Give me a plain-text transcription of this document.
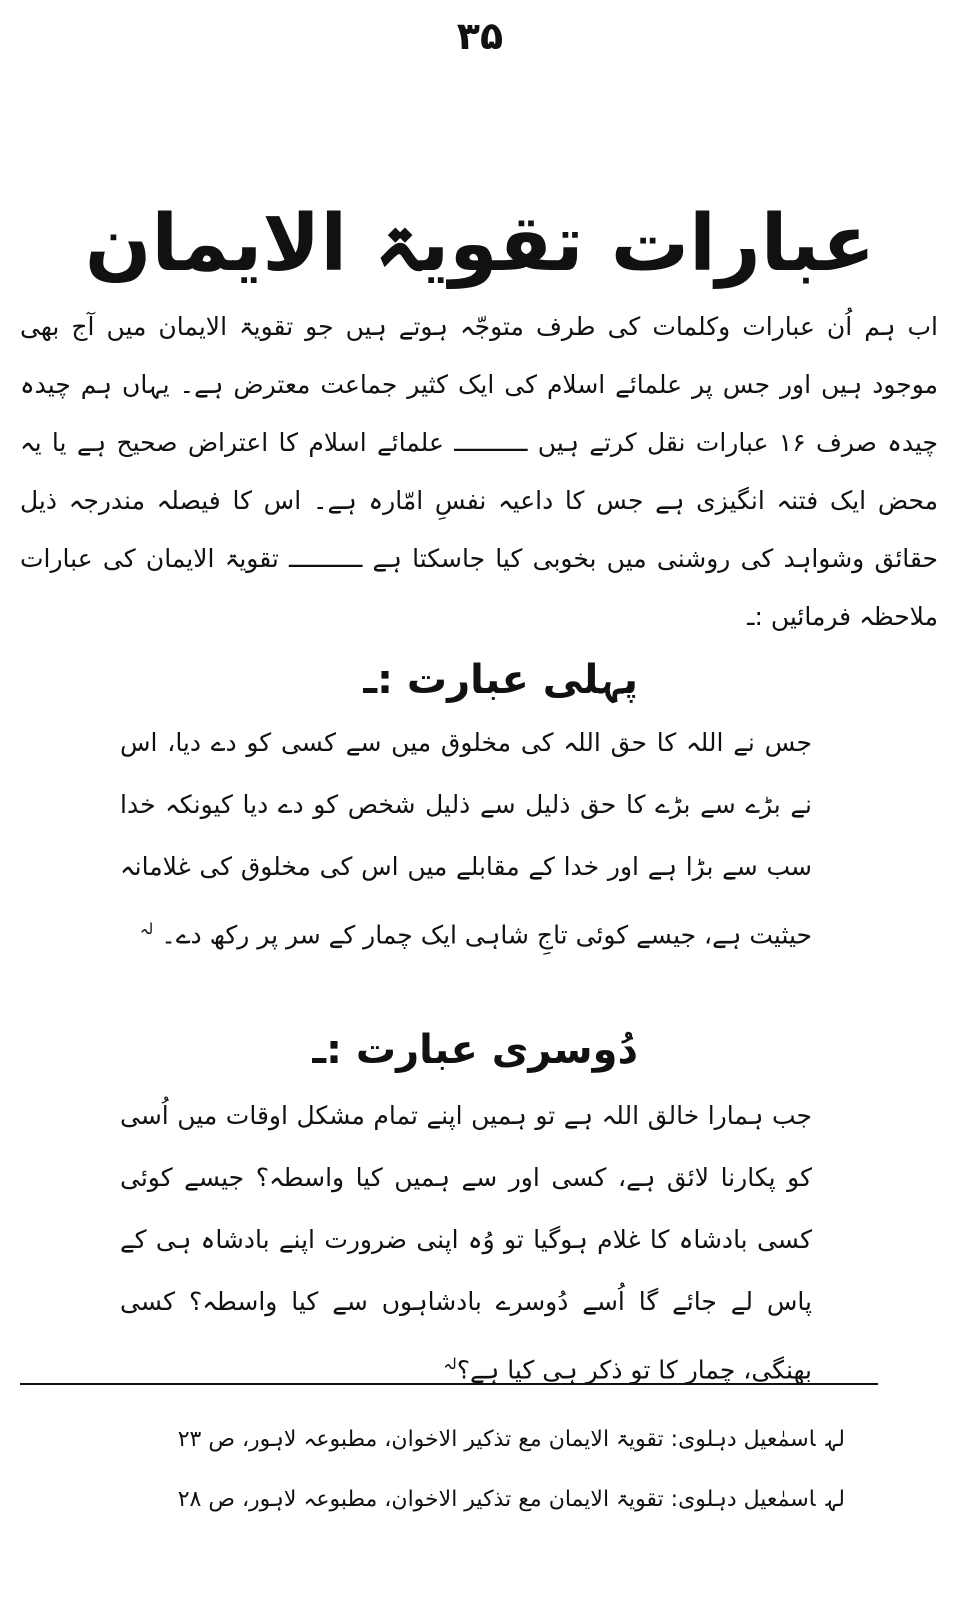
۳۵
عبارات تقویۃ الایمان

اب ہم اُن عبارات وکلمات کی طرف متوجّہ ہوتے ہیں جو تقویۃ الایمان میں آج بھی موجود ہیں اور جس پر علمائے اسلام کی ایک کثیر جماعت معترض ہے۔ یہاں ہم چیدہ چیدہ صرف ۱۶ عبارات نقل کرتے ہیں ــــــــــ علمائے اسلام کا اعتراض صحیح ہے یا یہ محض ایک فتنہ انگیزی ہے جس کا داعیہ نفسِ امّارہ ہے۔ اس کا فیصلہ مندرجہ ذیل حقائق وشواہد کی روشنی میں بخوبی کیا جاسکتا ہے ــــــــــ تقویۃ الایمان کی عبارات ملاحظہ فرمائیں :ـ

پہلی عبارت :ـ

جس نے اللہ کا حق اللہ کی مخلوق میں سے کسی کو دے دیا، اس نے بڑے سے بڑے کا حق ذلیل سے ذلیل شخص کو دے دیا کیونکہ خدا سب سے بڑا ہے اور خدا کے مقابلے میں اس کی مخلوق کی غلامانہ حیثیت ہے، جیسے کوئی تاجِ شاہی ایک چمار کے سر پر رکھ دے۔ $^{لہ}$

دُوسری عبارت :ـ

جب ہمارا خالق اللہ ہے تو ہمیں اپنے تمام مشکل اوقات میں اُسی کو پکارنا لائق ہے، کسی اور سے ہمیں کیا واسطہ؟ جیسے کوئی کسی بادشاہ کا غلام ہوگیا تو وُہ اپنی ضرورت اپنے بادشاہ ہی کے پاس لے جائے گا اُسے دُوسرے بادشاہوں سے کیا واسطہ؟ کسی بھنگی، چمار کا تو ذکر ہی کیا ہے؟$^{لہ}$

لہاسمٰعیل دہلوی: تقویۃ الایمان مع تذکیر الاخوان، مطبوعہ لاہور، ص ۲۳
لہاسمٰعیل دہلوی: تقویۃ الایمان مع تذکیر الاخوان، مطبوعہ لاہور، ص ۲۸
